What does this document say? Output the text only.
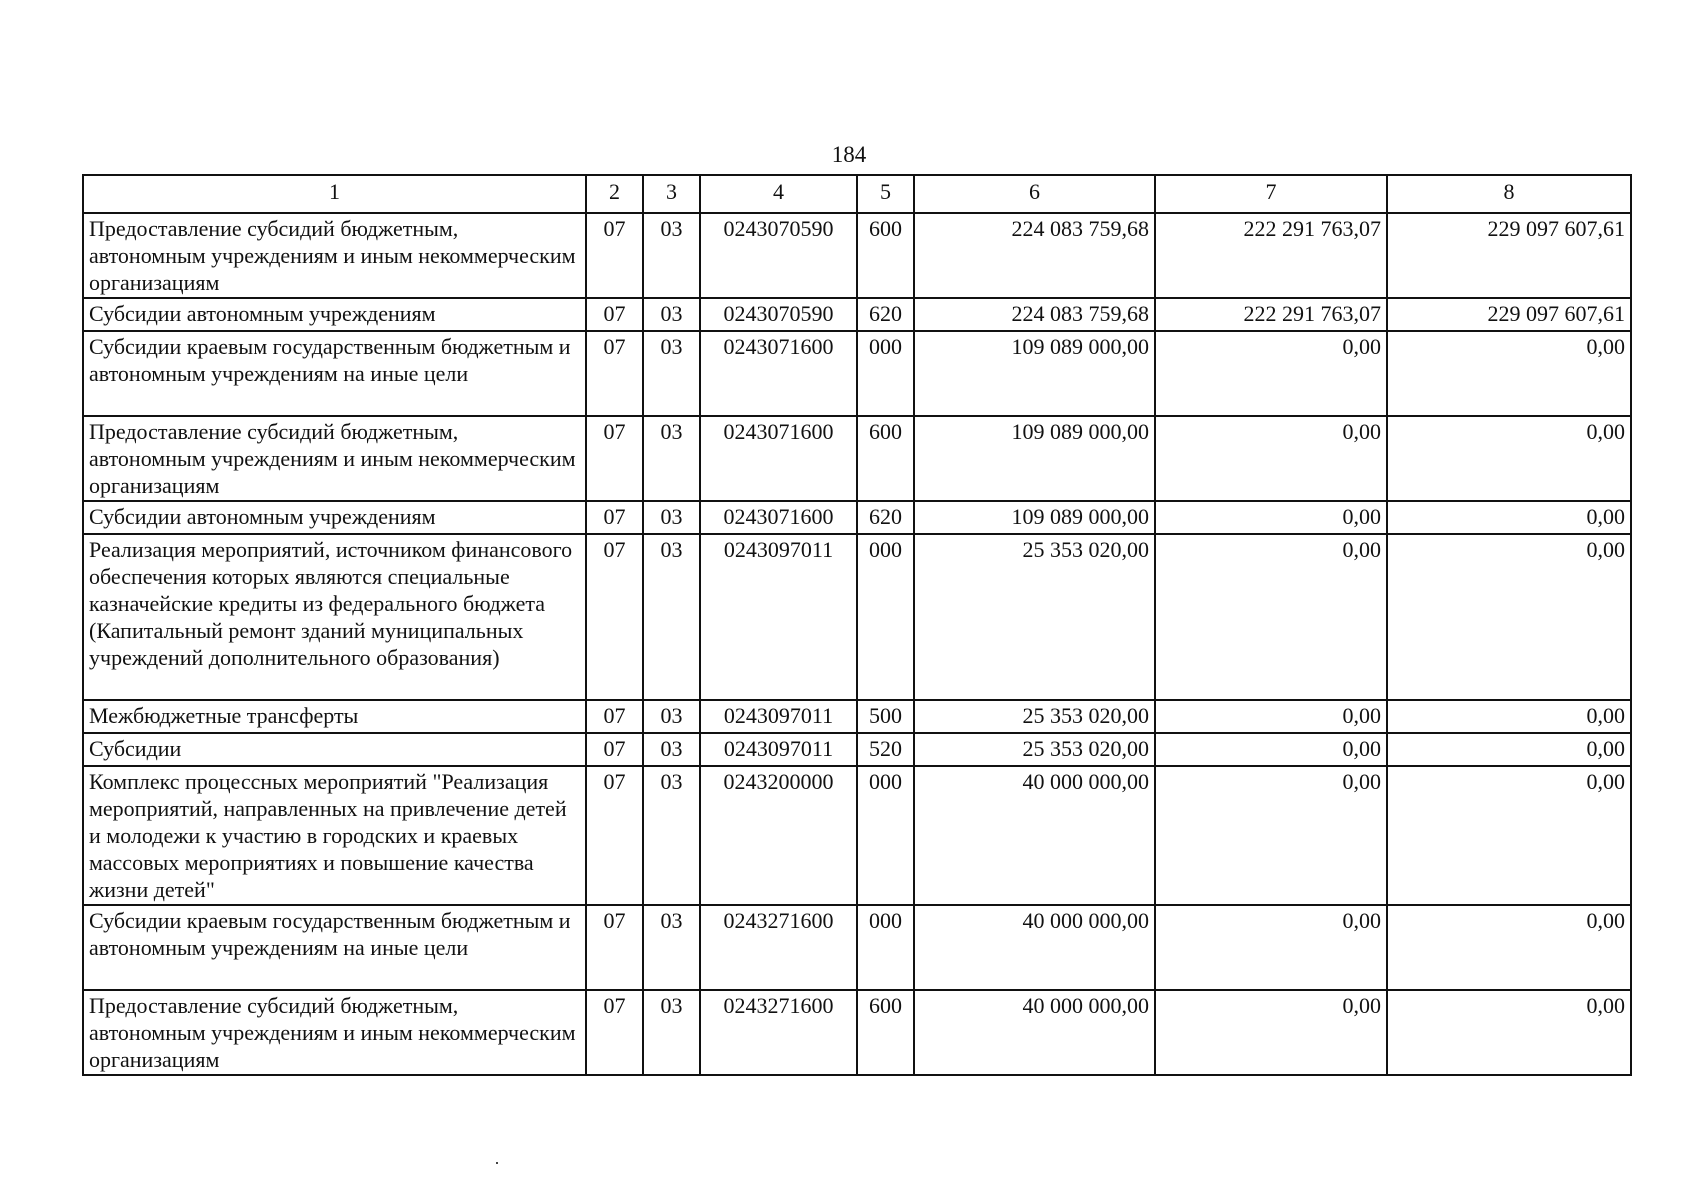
184
1	2	3	4	5	6	7	8
Предоставление субсидий бюджетным, автономным учреждениям и иным некоммерческим организациям	07	03	0243070590	600	224 083 759,68	222 291 763,07	229 097 607,61
Субсидии автономным учреждениям	07	03	0243070590	620	224 083 759,68	222 291 763,07	229 097 607,61
Субсидии краевым государственным бюджетным и автономным учреждениям на иные цели	07	03	0243071600	000	109 089 000,00	0,00	0,00
Предоставление субсидий бюджетным, автономным учреждениям и иным некоммерческим организациям	07	03	0243071600	600	109 089 000,00	0,00	0,00
Субсидии автономным учреждениям	07	03	0243071600	620	109 089 000,00	0,00	0,00
Реализация мероприятий, источником финансового обеспечения которых являются специальные казначейские кредиты из федерального бюджета (Капитальный ремонт зданий муниципальных учреждений дополнительного образования)	07	03	0243097011	000	25 353 020,00	0,00	0,00
Межбюджетные трансферты	07	03	0243097011	500	25 353 020,00	0,00	0,00
Субсидии	07	03	0243097011	520	25 353 020,00	0,00	0,00
Комплекс процессных мероприятий "Реализация мероприятий, направленных на привлечение детей и молодежи к участию в городских и краевых массовых мероприятиях и повышение качества жизни детей"	07	03	0243200000	000	40 000 000,00	0,00	0,00
Субсидии краевым государственным бюджетным и автономным учреждениям на иные цели	07	03	0243271600	000	40 000 000,00	0,00	0,00
Предоставление субсидий бюджетным, автономным учреждениям и иным некоммерческим организациям	07	03	0243271600	600	40 000 000,00	0,00	0,00
